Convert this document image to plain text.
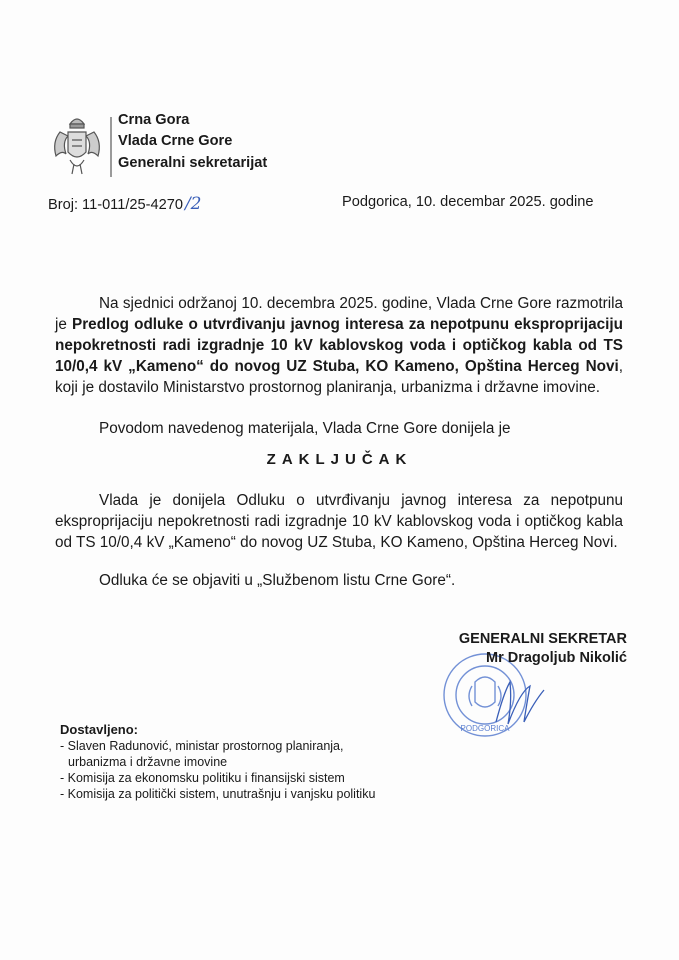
Crna Gora
Vlada Crne Gore
Generalni sekretarijat
Broj: 11-011/25-4270 /2	Podgorica, 10. decembar 2025. godine
Na sjednici održanoj 10. decembra 2025. godine, Vlada Crne Gore razmotrila je Predlog odluke o utvrđivanju javnog interesa za nepotpunu eksproprijaciju nepokretnosti radi izgradnje 10 kV kablovskog voda i optičkog kabla od TS 10/0,4 kV „Kameno“ do novog UZ Stuba, KO Kameno, Opština Herceg Novi, koji je dostavilo Ministarstvo prostornog planiranja, urbanizma i državne imovine.
Povodom navedenog materijala, Vlada Crne Gore donijela je
ZAKLJUČAK
Vlada je donijela Odluku o utvrđivanju javnog interesa za nepotpunu eksproprijaciju nepokretnosti radi izgradnje 10 kV kablovskog voda i optičkog kabla od TS 10/0,4 kV „Kameno“ do novog UZ Stuba, KO Kameno, Opština Herceg Novi.
Odluka će se objaviti u „Službenom listu Crne Gore“.
PODGORICA
GENERALNI SEKRETAR
Mr Dragoljub Nikolić
Dostavljeno:
- Slaven Radunović, ministar prostornog planiranja,
urbanizma i državne imovine
- Komisija za ekonomsku politiku i finansijski sistem
- Komisija za politički sistem, unutrašnju i vanjsku politiku
